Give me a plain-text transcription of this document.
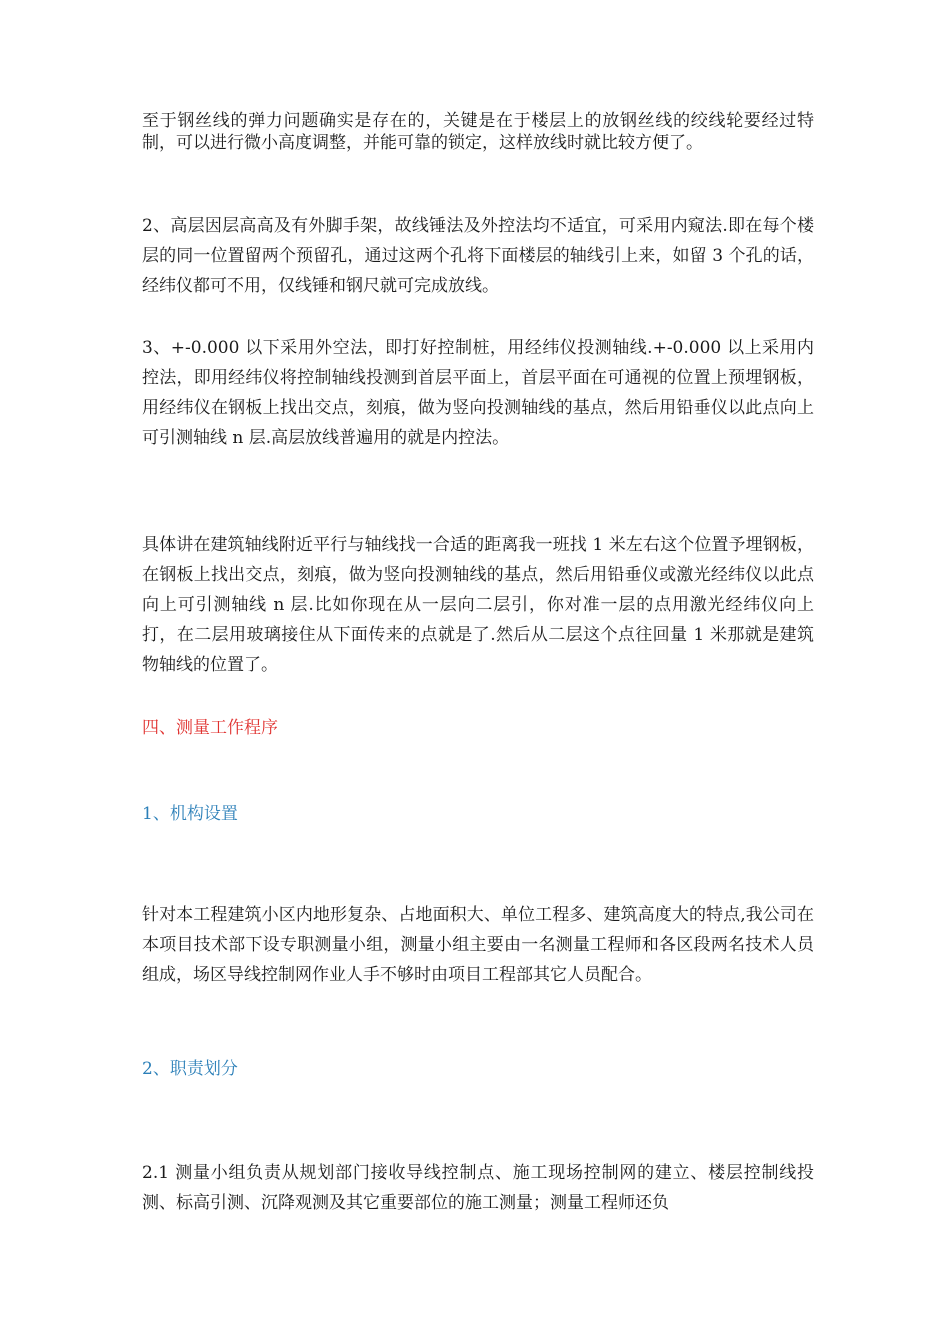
至于钢丝线的弹力问题确实是存在的，关键是在于楼层上的放钢丝线的绞线轮要经过特制，可以进行微小高度调整，并能可靠的锁定，这样放线时就比较方便了。

2、高层因层高高及有外脚手架，故线锤法及外控法均不适宜，可采用内窥法.即在每个楼层的同一位置留两个预留孔，通过这两个孔将下面楼层的轴线引上来，如留 3 个孔的话，经纬仪都可不用，仅线锤和钢尺就可完成放线。

3、+-0.000 以下采用外空法，即打好控制桩，用经纬仪投测轴线.+-0.000 以上采用内控法，即用经纬仪将控制轴线投测到首层平面上，首层平面在可通视的位置上预埋钢板，用经纬仪在钢板上找出交点，刻痕，做为竖向投测轴线的基点，然后用铅垂仪以此点向上可引测轴线 n 层.高层放线普遍用的就是内控法。

具体讲在建筑轴线附近平行与轴线找一合适的距离我一班找 1 米左右这个位置予埋钢板，在钢板上找出交点，刻痕，做为竖向投测轴线的基点，然后用铅垂仪或激光经纬仪以此点向上可引测轴线 n 层.比如你现在从一层向二层引，你对准一层的点用激光经纬仪向上打，在二层用玻璃接住从下面传来的点就是了.然后从二层这个点往回量 1 米那就是建筑物轴线的位置了。

四、测量工作程序

1、机构设置

针对本工程建筑小区内地形复杂、占地面积大、单位工程多、建筑高度大的特点,我公司在本项目技术部下设专职测量小组，测量小组主要由一名测量工程师和各区段两名技术人员组成，场区导线控制网作业人手不够时由项目工程部其它人员配合。

2、职责划分

2.1 测量小组负责从规划部门接收导线控制点、施工现场控制网的建立、楼层控制线投测、标高引测、沉降观测及其它重要部位的施工测量；测量工程师还负
